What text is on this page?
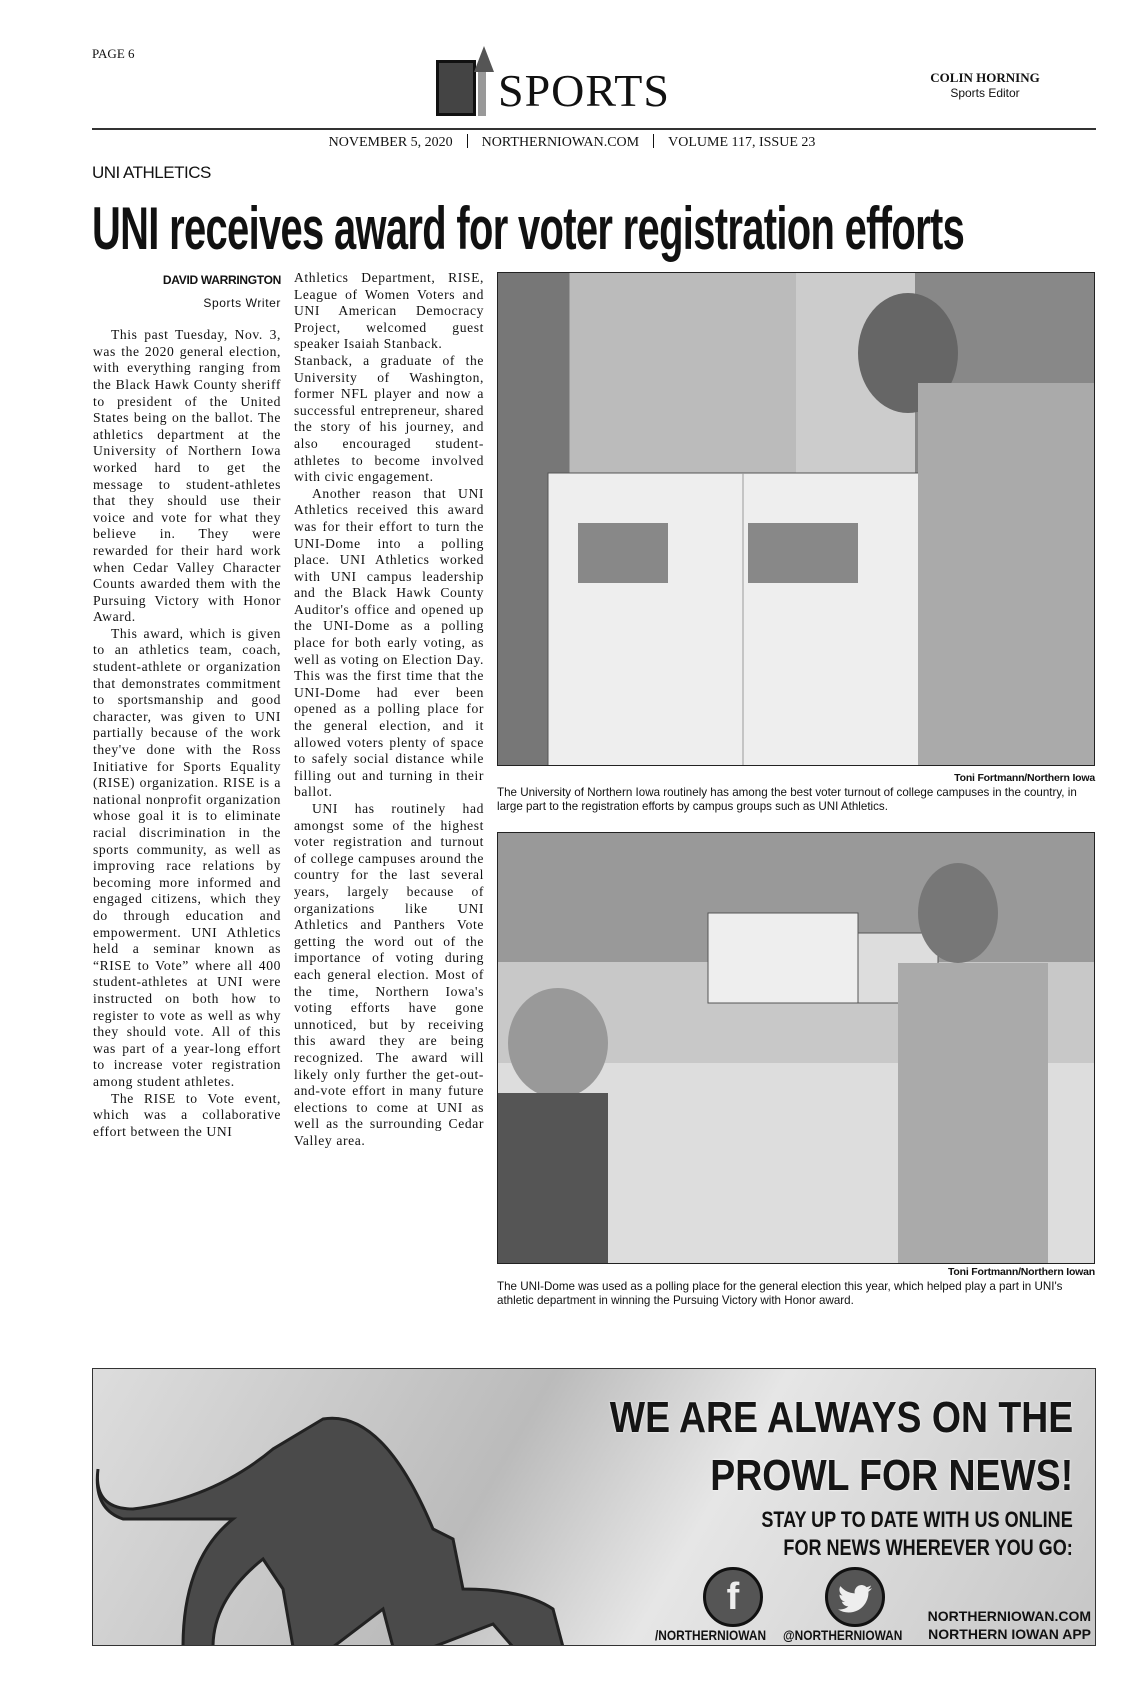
PAGE 6
SPORTS	COLIN HORNING
Sports Editor
NOVEMBER 5, 2020 NORTHERNIOWAN.COM VOLUME 117, ISSUE 23
UNI ATHLETICS
UNI receives award for voter registration efforts
DAVID WARRINGTON
Sports Writer

This past Tuesday, Nov. 3, was the 2020 general election, with everything ranging from the Black Hawk County sheriff to president of the United States being on the ballot. The athletics department at the University of Northern Iowa worked hard to get the message to student-athletes that they should use their voice and vote for what they believe in. They were rewarded for their hard work when Cedar Valley Character Counts awarded them with the Pursuing Victory with Honor Award.

This award, which is given to an athletics team, coach, student-athlete or organization that demonstrates commitment to sportsmanship and good character, was given to UNI partially because of the work they've done with the Ross Initiative for Sports Equality (RISE) organization. RISE is a national nonprofit organization whose goal it is to eliminate racial discrimination in the sports community, as well as improving race relations by becoming more informed and engaged citizens, which they do through education and empowerment. UNI Athletics held a seminar known as “RISE to Vote” where all 400 student-athletes at UNI were instructed on both how to register to vote as well as why they should vote. All of this was part of a year-long effort to increase voter registration among student athletes.

The RISE to Vote event, which was a collaborative effort between the UNI

Athletics Department, RISE, League of Women Voters and UNI American Democracy Project, welcomed guest speaker Isaiah Stanback.

Stanback, a graduate of the University of Washington, former NFL player and now a successful entrepreneur, shared the story of his journey, and also encouraged student-athletes to become involved with civic engagement.

Another reason that UNI Athletics received this award was for their effort to turn the UNI-Dome into a polling place. UNI Athletics worked with UNI campus leadership and the Black Hawk County Auditor's office and opened up the UNI-Dome as a polling place for both early voting, as well as voting on Election Day. This was the first time that the UNI-Dome had ever been opened as a polling place for the general election, and it allowed voters plenty of space to safely social distance while filling out and turning in their ballot.

UNI has routinely had amongst some of the highest voter registration and turnout of college campuses around the country for the last several years, largely because of organizations like UNI Athletics and Panthers Vote getting the word out of the importance of voting during each general election. Most of the time, Northern Iowa's voting efforts have gone unnoticed, but by receiving this award they are being recognized. The award will likely only further the get-out-and-vote effort in many future elections to come at UNI as well as the surrounding Cedar Valley area.

Toni Fortmann/Northern Iowa
The University of Northern Iowa routinely has among the best voter turnout of college campuses in the country, in large part to the registration efforts by campus groups such as UNI Athletics.
Toni Fortmann/Northern Iowan
The UNI-Dome was used as a polling place for the general election this year, which helped play a part in UNI's athletic department in winning the Pursuing Victory with Honor award.
WE ARE ALWAYS ON THE
PROWL FOR NEWS!
STAY UP TO DATE WITH US ONLINE
FOR NEWS WHEREVER YOU GO:
f
/NORTHERNIOWAN @NORTHERNIOWAN
NORTHERNIOWAN.COM
NORTHERN IOWAN APP
